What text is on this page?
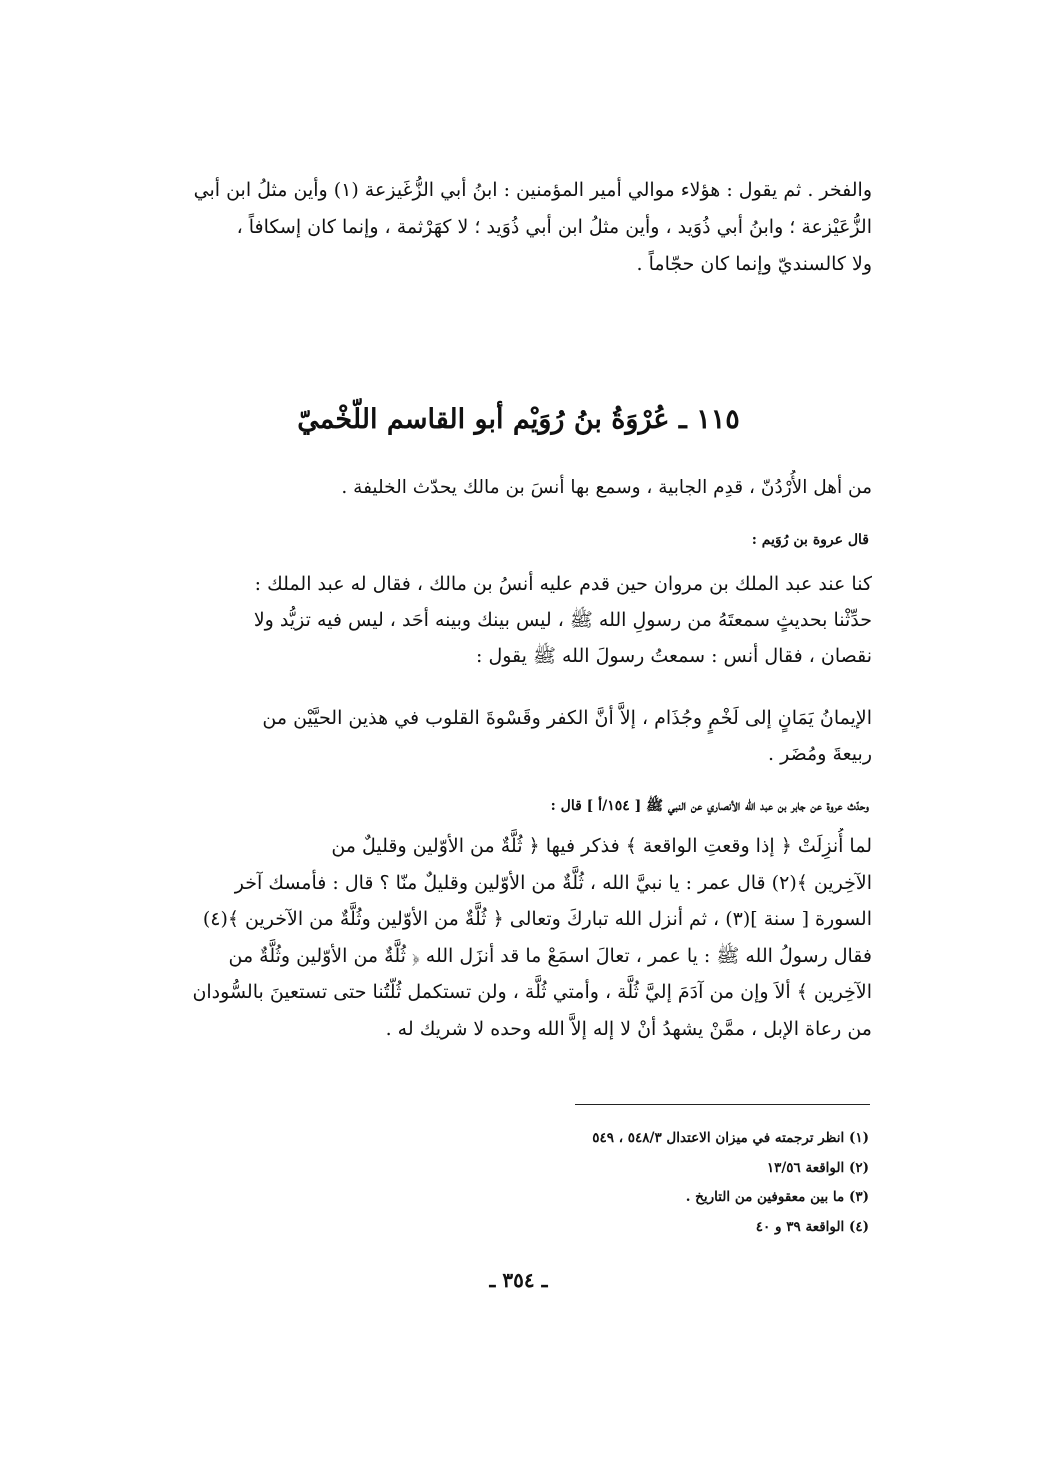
والفخر . ثم يقول : هؤلاء موالي أمير المؤمنين : ابنُ أبي الزُّغَيزعة (١) وأين مثلُ ابن أبي
الزُّعَيْزعة ؛ وابنُ أبي ذُوَيد ، وأين مثلُ ابن أبي ذُوَيد ؛ لا كهَرْثمة ، وإنما كان إسكافاً ،
ولا كالسنديّ وإنما كان حجّاماً .
١١٥ ـ عُرْوَةُ بنُ رُوَيْم أبو القاسم اللّخْميّ
من أهل الأُرْدُنّ ، قدِم الجابية ، وسمع بها أنسَ بن مالك يحدّث الخليفة .
قال عروة بن رُوَيم :
كنا عند عبد الملك بن مروان حين قدم عليه أنسُ بن مالك ، فقال له عبد الملك :
حدِّثْنا بحديثٍ سمعتَهُ من رسولِ الله ﷺ ، ليس بينك وبينه أحَد ، ليس فيه تزيُّد ولا
نقصان ، فقال أنس : سمعتُ رسولَ الله ﷺ يقول :
الإيمانُ يَمَانٍ إلى لَخْمٍ وجُذَام ، إلاَّ أنَّ الكفر وقَسْوةَ القلوب في هذين الحيَّيْن من
ربيعةَ ومُضَر .
وحدّث عروة عن جابر بن عبد الله الأنصاري عن النبي ﷺ [ ١٥٤/أ ] قال :
لما أُنزِلَتْ ﴿ إذا وقعتِ الواقعة ﴾ فذكر فيها ﴿ ثُلَّةٌ من الأوّلين وقليلٌ من
الآخِرين ﴾(٢) قال عمر : يا نبيَّ الله ، ثُلَّةٌ من الأوّلين وقليلٌ منّا ؟ قال : فأمسك آخر
السورة [ سنة ](٣) ، ثم أنزل الله تباركَ وتعالى ﴿ ثُلَّةٌ من الأوّلين وثُلَّةٌ من الآخرين ﴾(٤)
فقال رسولُ الله ﷺ : يا عمر ، تعالَ اسمَعْ ما قد أنزَل الله ﴿ ثُلَّةٌ من الأوّلين وثُلَّةٌ من
الآخِرين ﴾ ألاَ وإن من آدَمَ إليَّ ثُلَّة ، وأمتي ثُلَّة ، ولن تستكمل ثُلّتُنا حتى تستعينَ بالسُّودان
من رعاة الإبل ، ممَّنْ يشهدُ أنْ لا إله إلاَّ الله وحده لا شريك له .
(١) انظر ترجمته في ميزان الاعتدال ٥٤٨/٣ ، ٥٤٩
(٢) الواقعة ١٣/٥٦
(٣) ما بين معقوفين من التاريخ .
(٤) الواقعة ٣٩ و ٤٠
ـ ٣٥٤ ـ
